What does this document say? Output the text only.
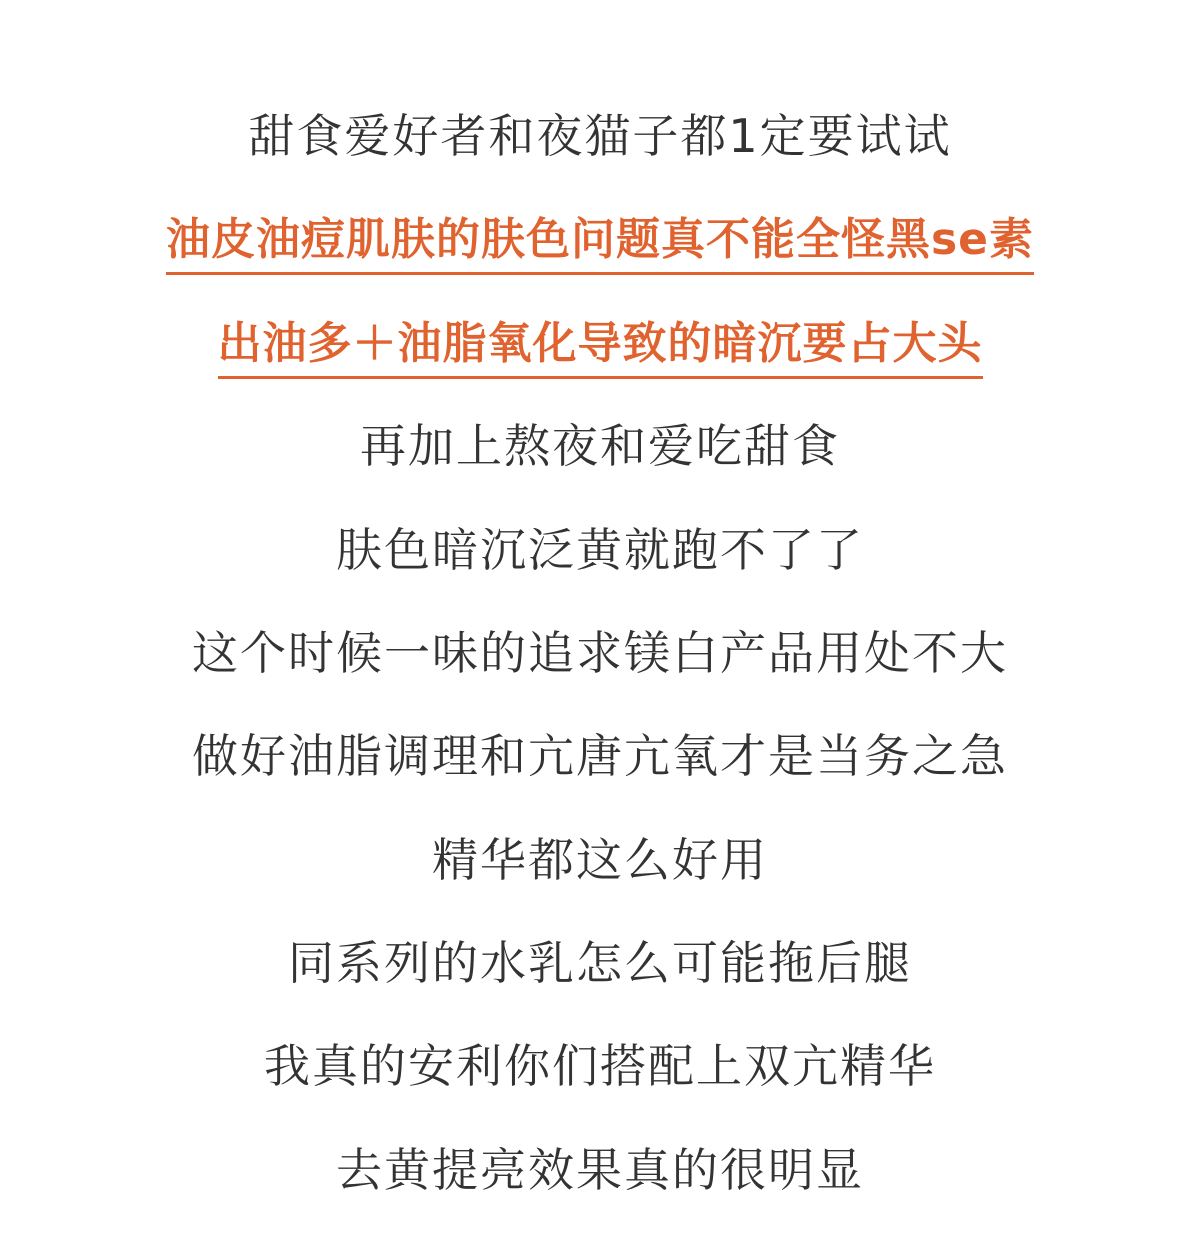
甜食爱好者和夜猫子都1定要试试
油皮油痘肌肤的肤色问题真不能全怪黑se素
出油多＋油脂氧化导致的暗沉要占大头
再加上熬夜和爱吃甜食
肤色暗沉泛黄就跑不了了
这个时候一味的追求镁白产品用处不大
做好油脂调理和亢唐亢氧才是当务之急
精华都这么好用
同系列的水乳怎么可能拖后腿
我真的安利你们搭配上双亢精华
去黄提亮效果真的很明显
